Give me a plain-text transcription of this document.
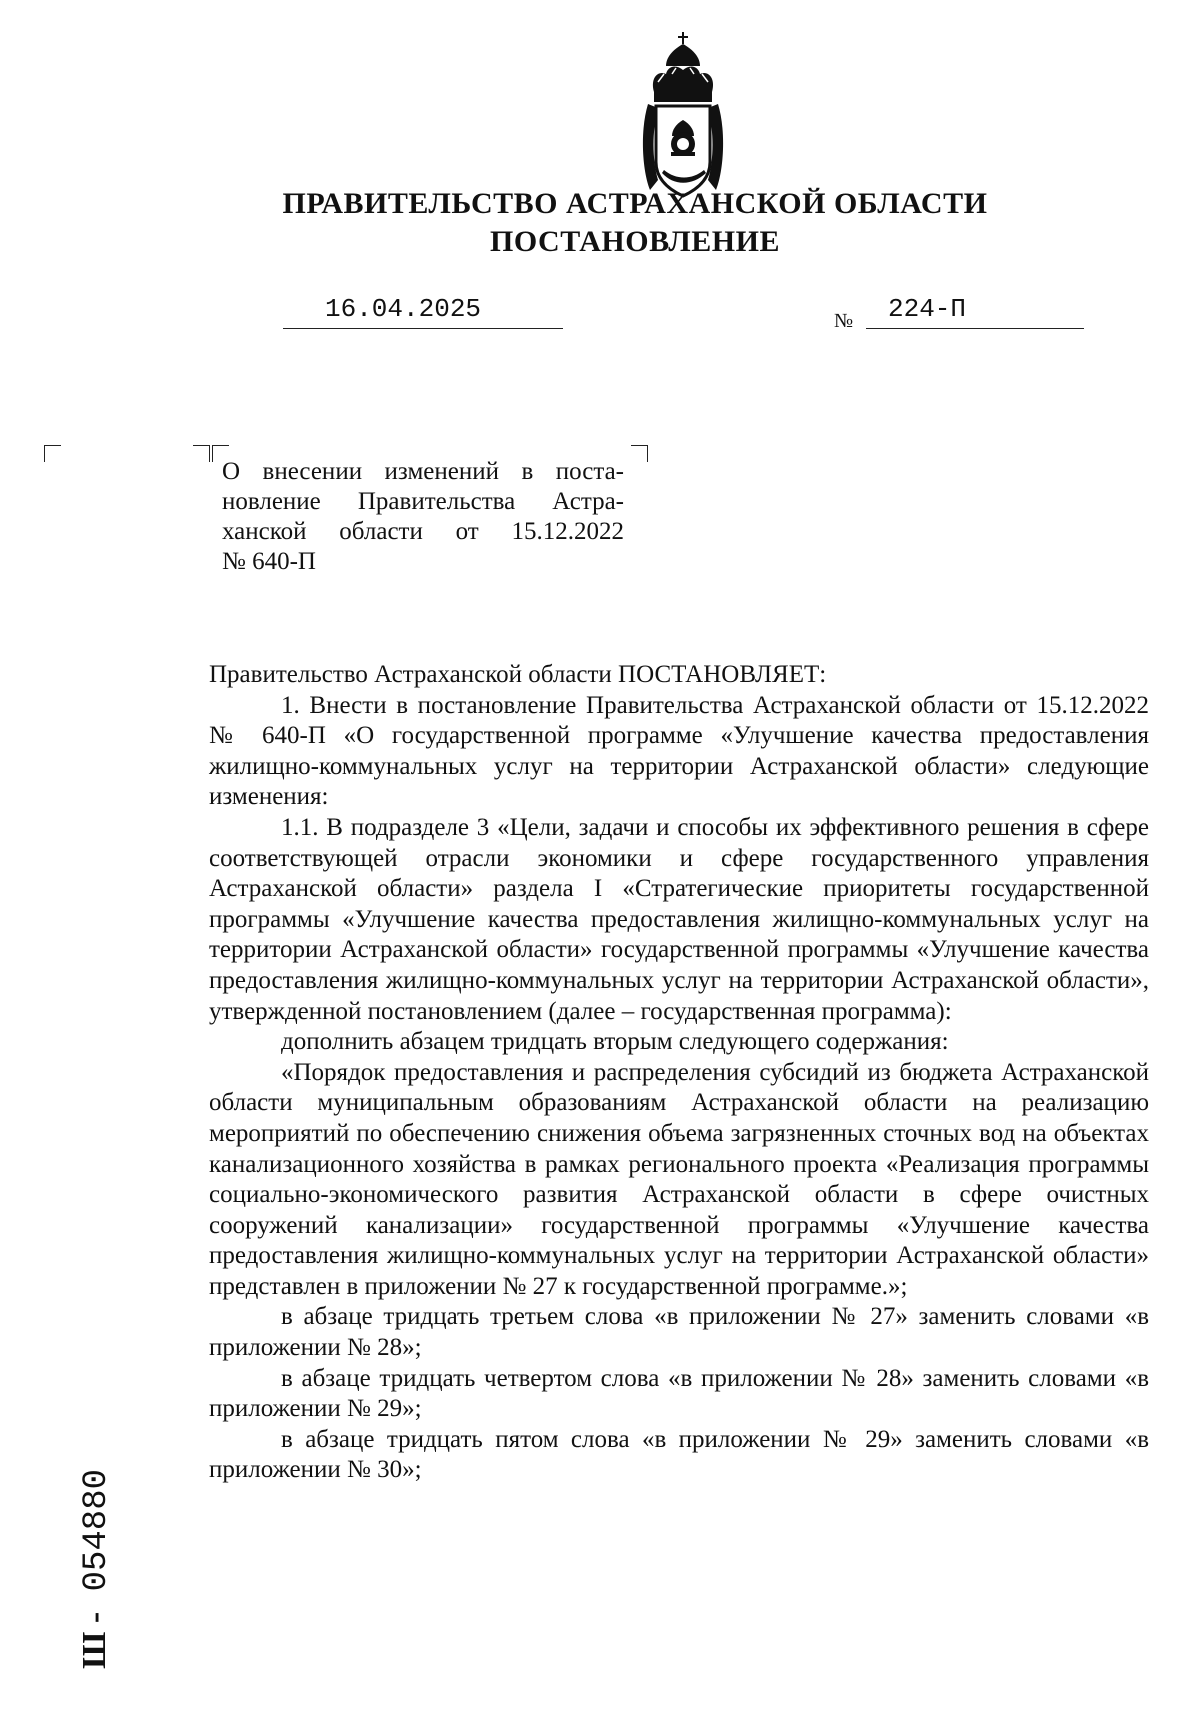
ПРАВИТЕЛЬСТВО АСТРАХАНСКОЙ ОБЛАСТИ
ПОСТАНОВЛЕНИЕ
16.04.2025	№ 224-П
О внесении изменений в поста-
новление Правительства Астра-
ханской области от 15.12.2022
№ 640-П

Правительство Астраханской области ПОСТАНОВЛЯЕТ:

1. Внести в постановление Правительства Астраханской области от 15.12.2022 № 640-П «О государственной программе «Улучшение качества предоставления жилищно-коммунальных услуг на территории Астраханской области» следующие изменения:

1.1. В подразделе 3 «Цели, задачи и способы их эффективного решения в сфере соответствующей отрасли экономики и сфере государственного управления Астраханской области» раздела I «Стратегические приоритеты государственной программы «Улучшение качества предоставления жилищно-коммунальных услуг на территории Астраханской области» государственной программы «Улучшение качества предоставления жилищно-коммунальных услуг на территории Астраханской области», утвержденной постановлением (далее – государственная программа):

дополнить абзацем тридцать вторым следующего содержания:

«Порядок предоставления и распределения субсидий из бюджета Астраханской области муниципальным образованиям Астраханской области на реализацию мероприятий по обеспечению снижения объема загрязненных сточных вод на объектах канализационного хозяйства в рамках регионального проекта «Реализация программы социально-экономического развития Астраханской области в сфере очистных сооружений канализации» государственной программы «Улучшение качества предоставления жилищно-коммунальных услуг на территории Астраханской области» представлен в приложении № 27 к государственной программе.»;

в абзаце тридцать третьем слова «в приложении № 27» заменить словами «в приложении № 28»;

в абзаце тридцать четвертом слова «в приложении № 28» заменить словами «в приложении № 29»;

в абзаце тридцать пятом слова «в приложении № 29» заменить словами «в приложении № 30»;

Ш - 054880
